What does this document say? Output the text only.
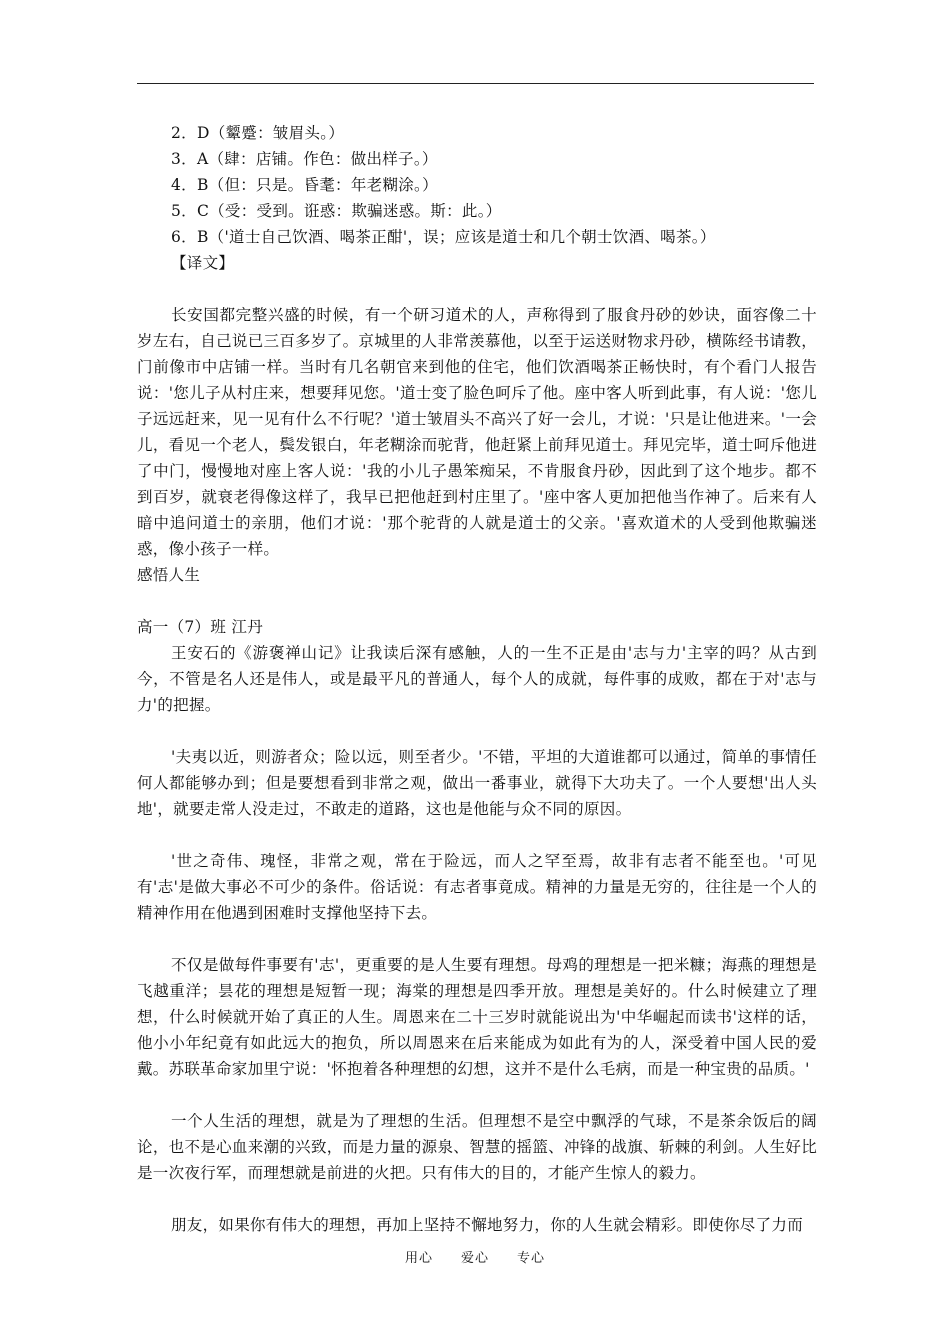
2．D（颦蹙：皱眉头。）

3．A（肆：店铺。作色：做出样子。）

4．B（但：只是。昏耄：年老糊涂。）

5．C（受：受到。诳惑：欺骗迷惑。斯：此。）

6．B（'道士自己饮酒、喝茶正酣'，误；应该是道士和几个朝士饮酒、喝茶。）

【译文】

长安国都完整兴盛的时候，有一个研习道术的人，声称得到了服食丹砂的妙诀，面容像二十岁左右，自己说已三百多岁了。京城里的人非常羡慕他，以至于运送财物求丹砂，横陈经书请教，门前像市中店铺一样。当时有几名朝官来到他的住宅，他们饮酒喝茶正畅快时，有个看门人报告说：'您儿子从村庄来，想要拜见您。'道士变了脸色呵斥了他。座中客人听到此事，有人说：'您儿子远远赶来，见一见有什么不行呢？'道士皱眉头不高兴了好一会儿，才说：'只是让他进来。'一会儿，看见一个老人，鬓发银白，年老糊涂而驼背，他赶紧上前拜见道士。拜见完毕，道士呵斥他进了中门，慢慢地对座上客人说：'我的小儿子愚笨痴呆，不肯服食丹砂，因此到了这个地步。都不到百岁，就衰老得像这样了，我早已把他赶到村庄里了。'座中客人更加把他当作神了。后来有人暗中追问道士的亲朋，他们才说：'那个驼背的人就是道士的父亲。'喜欢道术的人受到他欺骗迷惑，像小孩子一样。

感悟人生

高一（7）班 江丹

王安石的《游褒禅山记》让我读后深有感触，人的一生不正是由'志与力'主宰的吗？从古到今，不管是名人还是伟人，或是最平凡的普通人，每个人的成就，每件事的成败，都在于对'志与力'的把握。

'夫夷以近，则游者众；险以远，则至者少。'不错，平坦的大道谁都可以通过，简单的事情任何人都能够办到；但是要想看到非常之观，做出一番事业，就得下大功夫了。一个人要想'出人头地'，就要走常人没走过，不敢走的道路，这也是他能与众不同的原因。

'世之奇伟、瑰怪，非常之观，常在于险远，而人之罕至焉，故非有志者不能至也。'可见有'志'是做大事必不可少的条件。俗话说：有志者事竟成。精神的力量是无穷的，往往是一个人的精神作用在他遇到困难时支撑他坚持下去。

不仅是做每件事要有'志'，更重要的是人生要有理想。母鸡的理想是一把米糠；海燕的理想是飞越重洋；昙花的理想是短暂一现；海棠的理想是四季开放。理想是美好的。什么时候建立了理想，什么时候就开始了真正的人生。周恩来在二十三岁时就能说出为'中华崛起而读书'这样的话，他小小年纪竟有如此远大的抱负，所以周恩来在后来能成为如此有为的人，深受着中国人民的爱戴。苏联革命家加里宁说：'怀抱着各种理想的幻想，这并不是什么毛病，而是一种宝贵的品质。'

一个人生活的理想，就是为了理想的生活。但理想不是空中飘浮的气球，不是茶余饭后的阔论，也不是心血来潮的兴致，而是力量的源泉、智慧的摇篮、冲锋的战旗、斩棘的利剑。人生好比是一次夜行军，而理想就是前进的火把。只有伟大的目的，才能产生惊人的毅力。

朋友，如果你有伟大的理想，再加上坚持不懈地努力，你的人生就会精彩。即使你尽了力而

用心　　爱心　　专心
